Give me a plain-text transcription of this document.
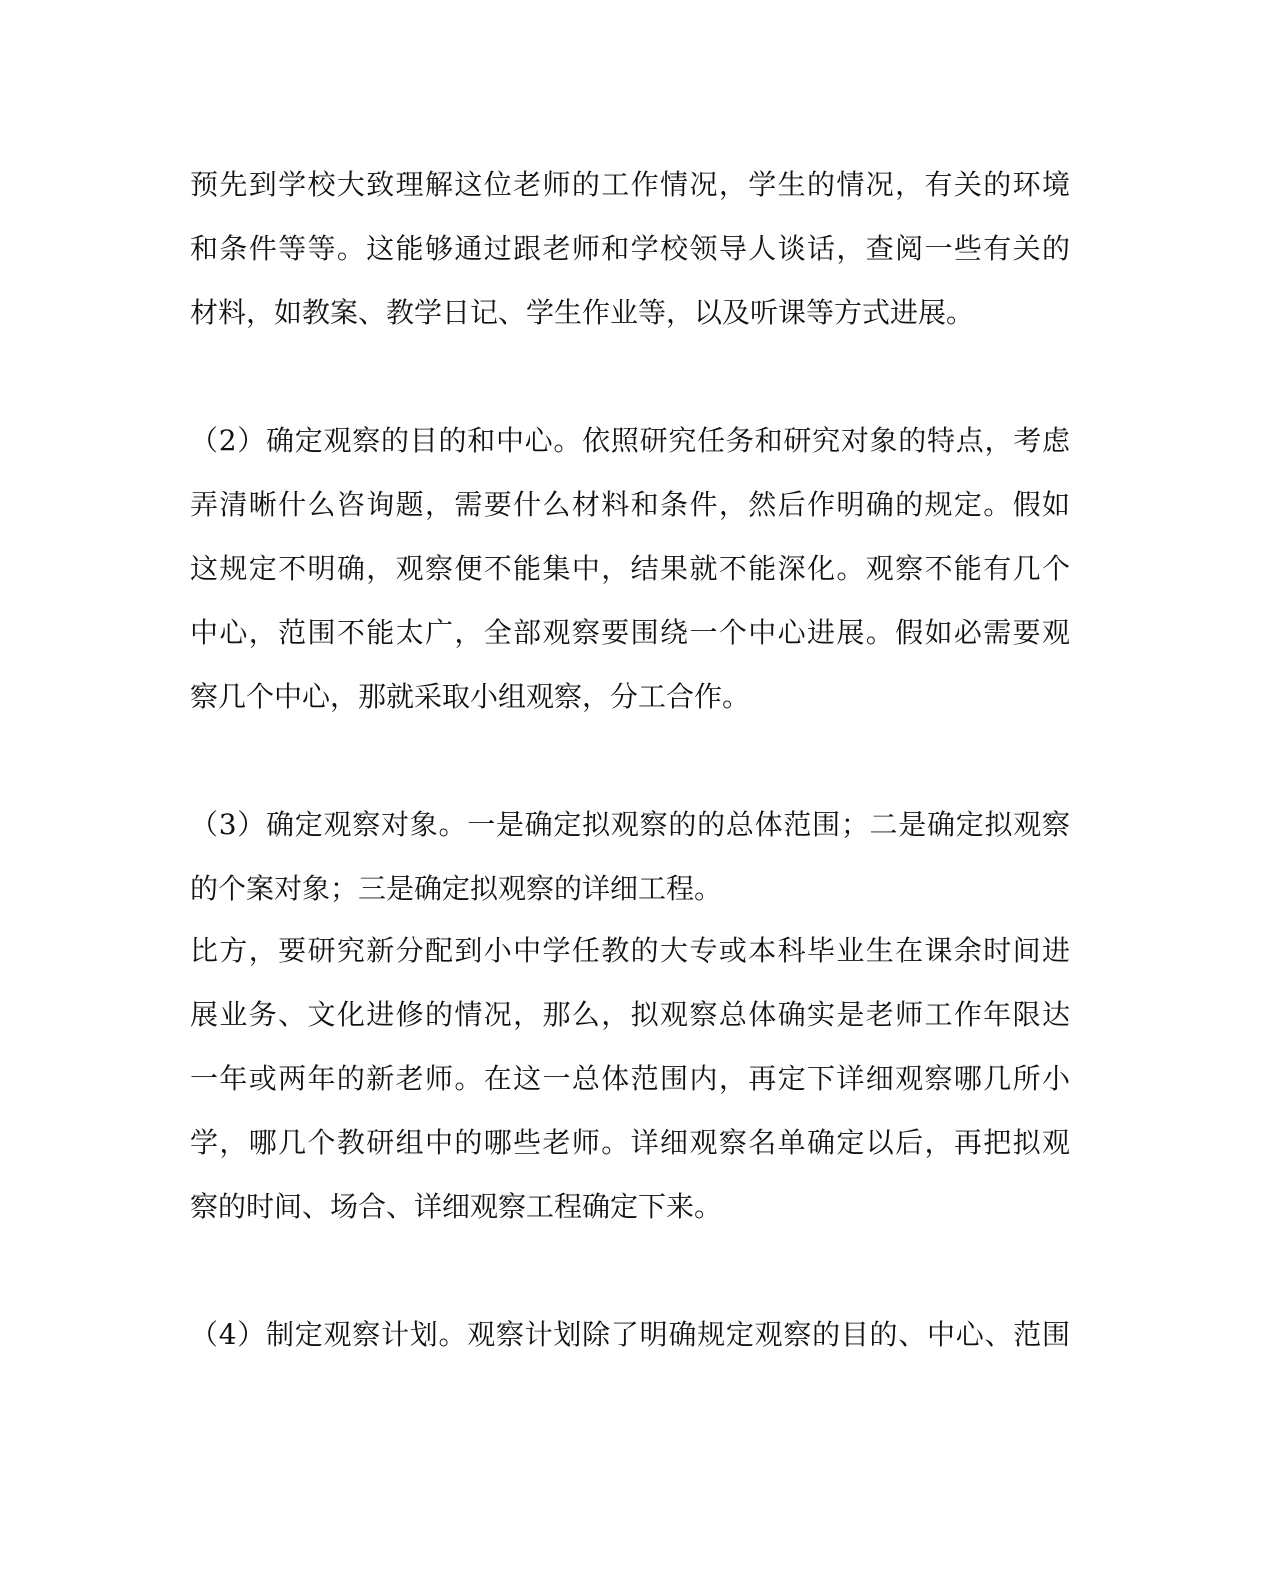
预先到学校大致理解这位老师的工作情况，学生的情况，有关的环境
和条件等等。这能够通过跟老师和学校领导人谈话，查阅一些有关的
材料，如教案、教学日记、学生作业等，以及听课等方式进展。
（2）确定观察的目的和中心。依照研究任务和研究对象的特点，考虑
弄清晰什么咨询题，需要什么材料和条件，然后作明确的规定。假如
这规定不明确，观察便不能集中，结果就不能深化。观察不能有几个
中心，范围不能太广，全部观察要围绕一个中心进展。假如必需要观
察几个中心，那就采取小组观察，分工合作。
（3）确定观察对象。一是确定拟观察的的总体范围；二是确定拟观察
的个案对象；三是确定拟观察的详细工程。
比方，要研究新分配到小中学任教的大专或本科毕业生在课余时间进
展业务、文化进修的情况，那么，拟观察总体确实是老师工作年限达
一年或两年的新老师。在这一总体范围内，再定下详细观察哪几所小
学，哪几个教研组中的哪些老师。详细观察名单确定以后，再把拟观
察的时间、场合、详细观察工程确定下来。
（4）制定观察计划。观察计划除了明确规定观察的目的、中心、范围
